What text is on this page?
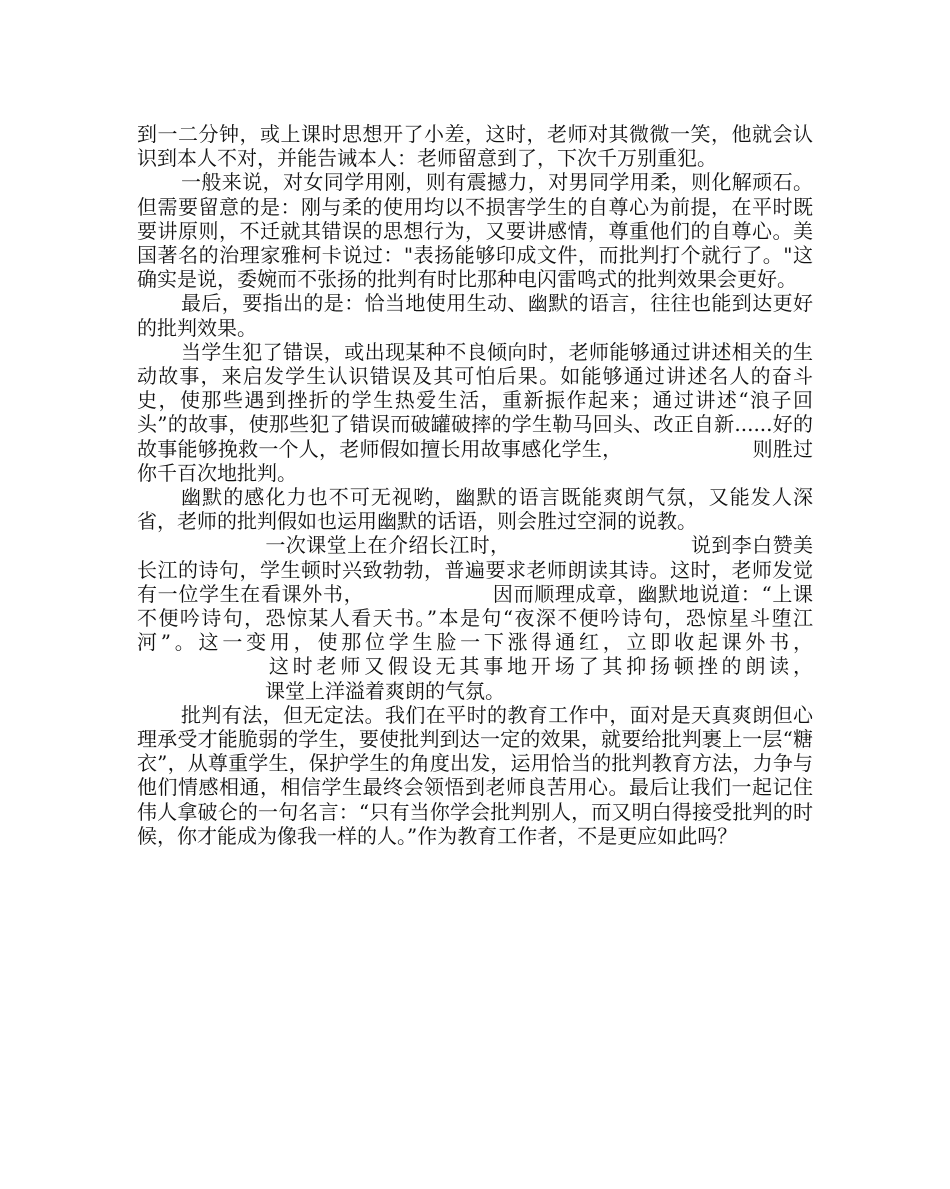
到一二分钟，或上课时思想开了小差，这时，老师对其微微一笑，他就会认识到本人不对，并能告诫本人：老师留意到了，下次千万别重犯。

一般来说，对女同学用刚，则有震撼力，对男同学用柔，则化解顽石。但需要留意的是：刚与柔的使用均以不损害学生的自尊心为前提，在平时既要讲原则，不迁就其错误的思想行为，又要讲感情，尊重他们的自尊心。美国著名的治理家雅柯卡说过："表扬能够印成文件，而批判打个就行了。"这确实是说，委婉而不张扬的批判有时比那种电闪雷鸣式的批判效果会更好。

最后，要指出的是：恰当地使用生动、幽默的语言，往往也能到达更好的批判效果。

当学生犯了错误，或出现某种不良倾向时，老师能够通过讲述相关的生动故事，来启发学生认识错误及其可怕后果。如能够通过讲述名人的奋斗史，使那些遇到挫折的学生热爱生活，重新振作起来；通过讲述“浪子回头”的故事，使那些犯了错误而破罐破摔的学生勒马回头、改正自新......好的故事能够挽救一个人，老师假如擅长用故事感化学生，	则胜过你千百次地批判。

幽默的感化力也不可无视哟，幽默的语言既能爽朗气氛，又能发人深省，老师的批判假如也运用幽默的话语，则会胜过空洞的说教。

一次课堂上在介绍长江时，	说到李白赞美长江的诗句，学生顿时兴致勃勃，普遍要求老师朗读其诗。这时，老师发觉有一位学生在看课外书，	因而顺理成章，幽默地说道：“上课不便吟诗句，恐惊某人看天书。”本是句“夜深不便吟诗句，恐惊星斗堕江河”。这一变用，使那位学生脸一下涨得通红，立即收起课外书，这时老师又假设无其事地开场了其抑扬顿挫的朗读，课堂上洋溢着爽朗的气氛。

批判有法，但无定法。我们在平时的教育工作中，面对是天真爽朗但心理承受才能脆弱的学生，要使批判到达一定的效果，就要给批判裹上一层“糖衣”，从尊重学生，保护学生的角度出发，运用恰当的批判教育方法，力争与他们情感相通，相信学生最终会领悟到老师良苦用心。最后让我们一起记住伟人拿破仑的一句名言：“只有当你学会批判别人，而又明白得接受批判的时候，你才能成为像我一样的人。”作为教育工作者，不是更应如此吗？
